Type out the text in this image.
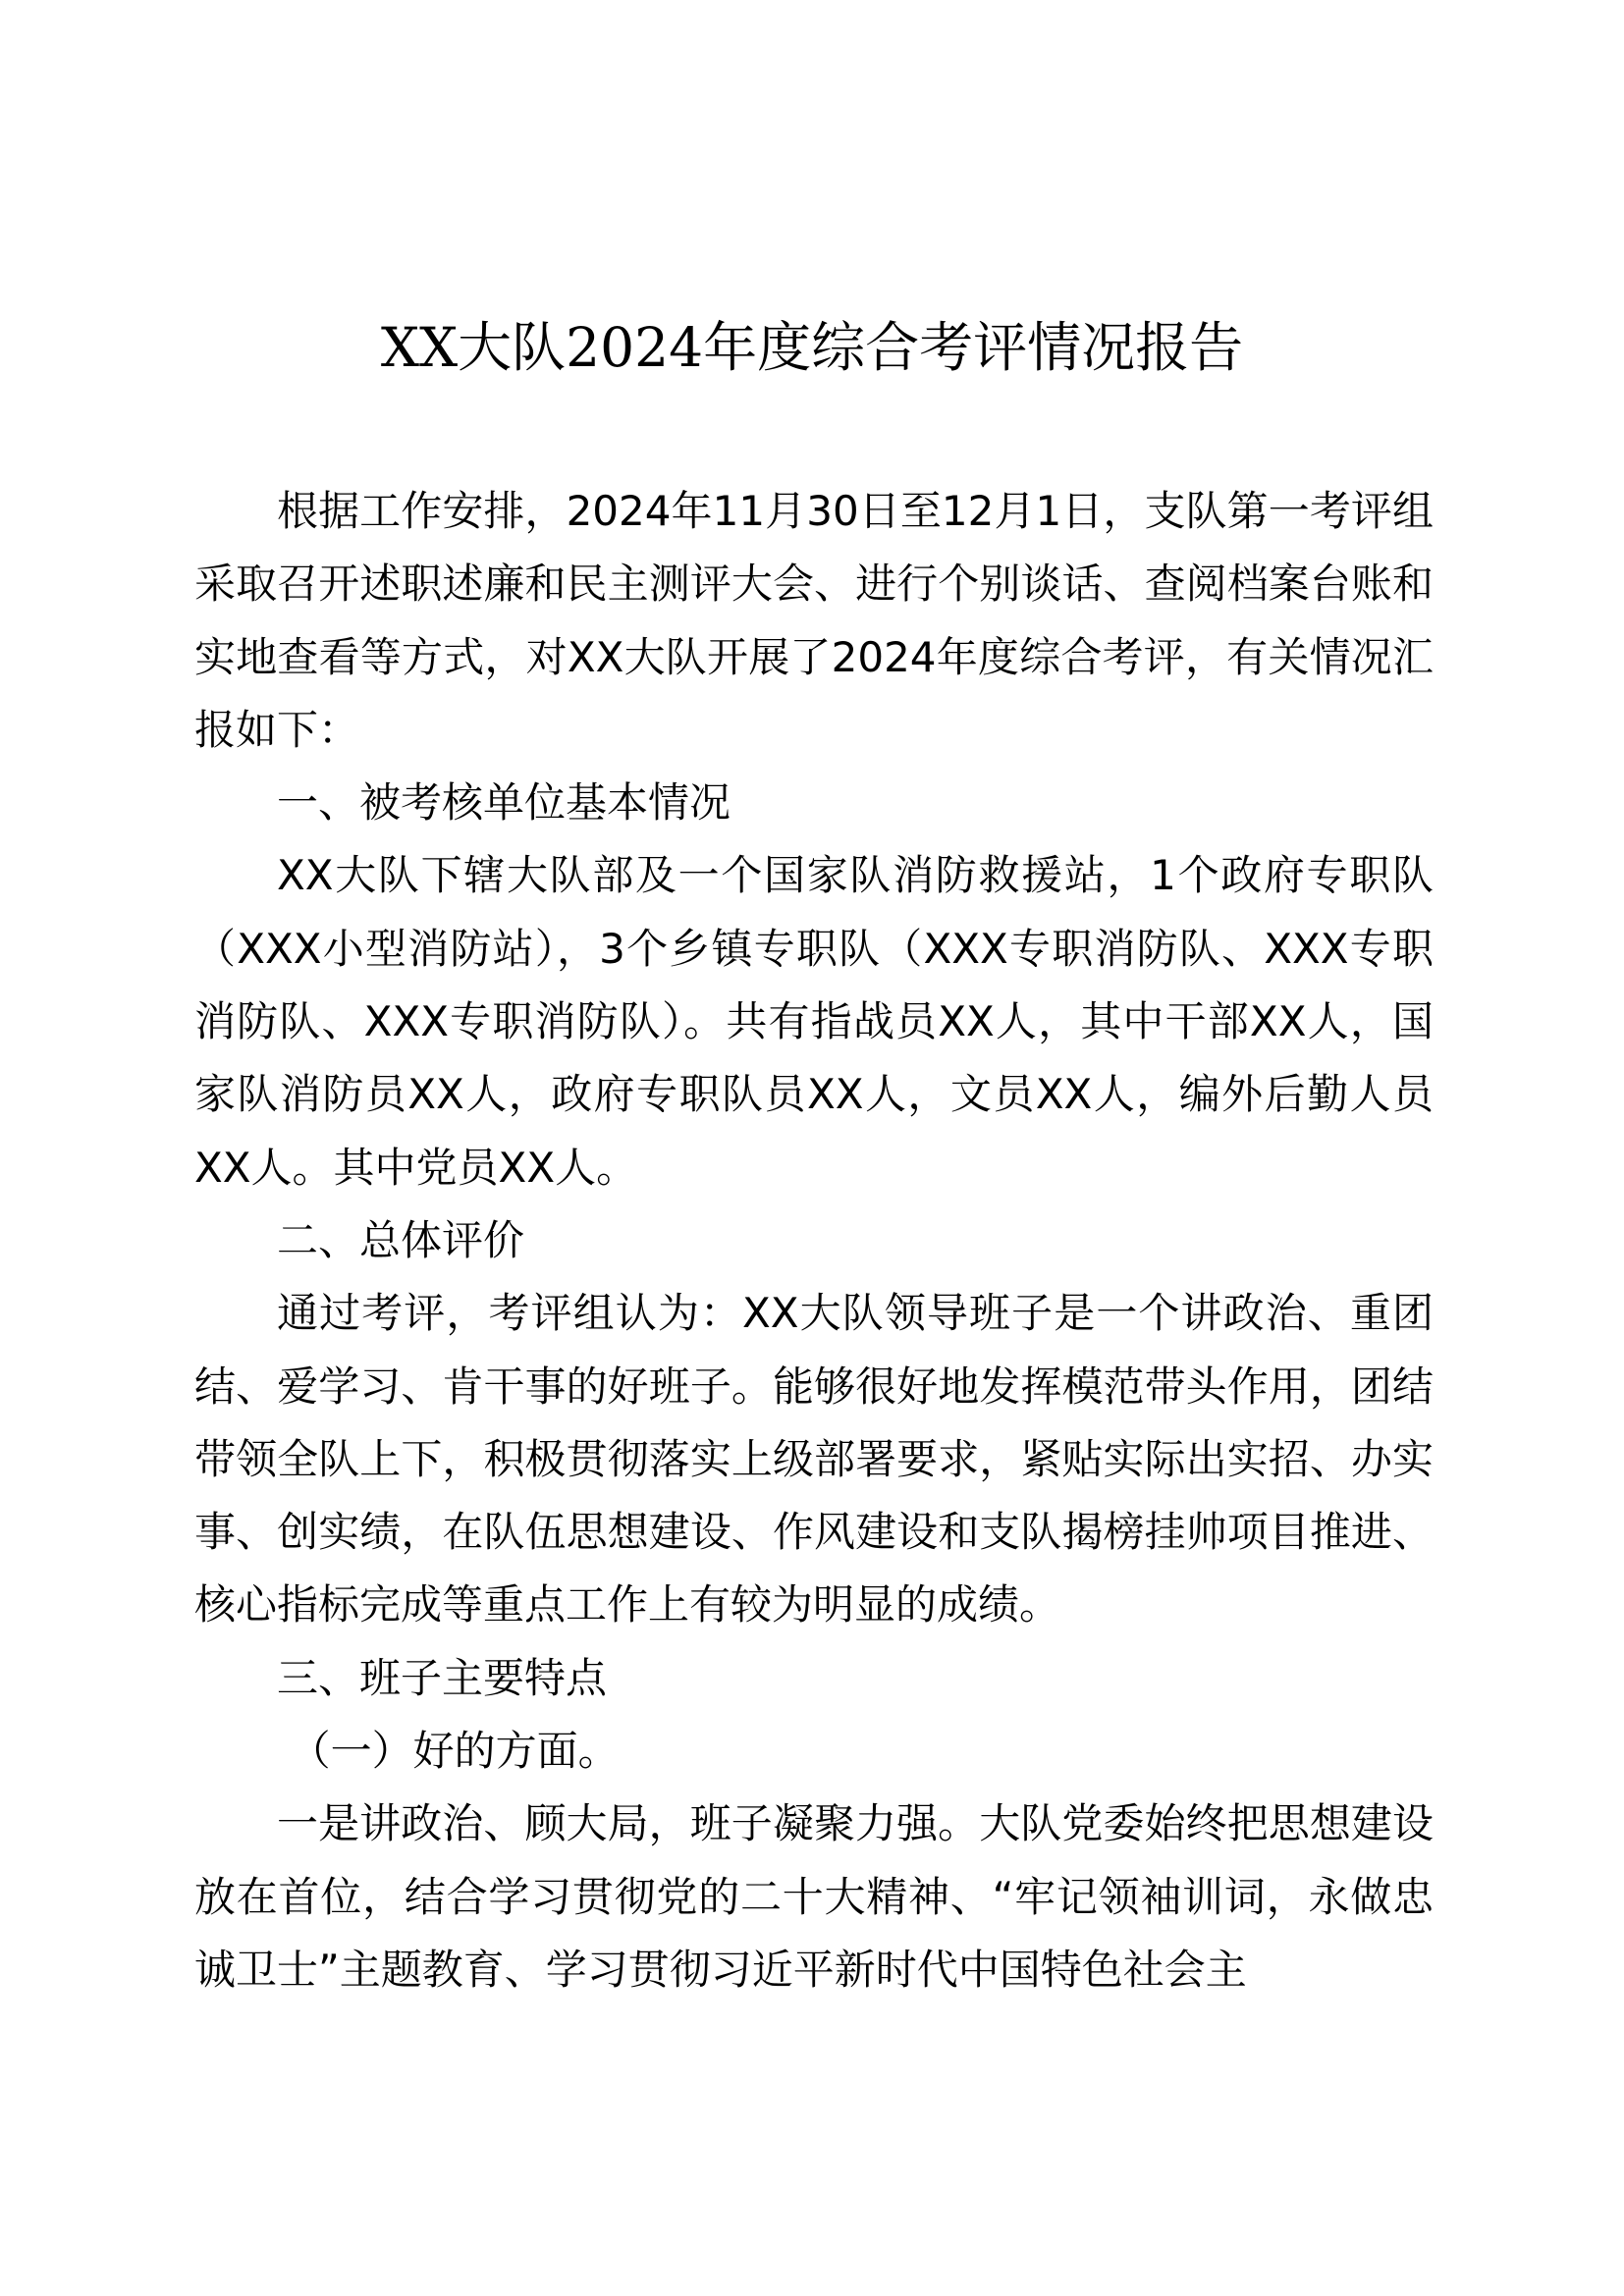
XX大队2024年度综合考评情况报告

根据工作安排，2024年11月30日至12月1日，支队第一考评组采取召开述职述廉和民主测评大会、进行个别谈话、查阅档案台账和实地查看等方式，对XX大队开展了2024年度综合考评，有关情况汇报如下：

一、被考核单位基本情况

XX大队下辖大队部及一个国家队消防救援站，1个政府专职队（XXX小型消防站），3个乡镇专职队（XXX专职消防队、XXX专职消防队、XXX专职消防队）。共有指战员XX人，其中干部XX人，国家队消防员XX人，政府专职队员XX人，文员XX人，编外后勤人员XX人。其中党员XX人。

二、总体评价

通过考评，考评组认为：XX大队领导班子是一个讲政治、重团结、爱学习、肯干事的好班子。能够很好地发挥模范带头作用，团结带领全队上下，积极贯彻落实上级部署要求，紧贴实际出实招、办实事、创实绩，在队伍思想建设、作风建设和支队揭榜挂帅项目推进、核心指标完成等重点工作上有较为明显的成绩。

三、班子主要特点

（一）好的方面。

一是讲政治、顾大局，班子凝聚力强。大队党委始终把思想建设放在首位，结合学习贯彻党的二十大精神、“牢记领袖训词，永做忠诚卫士”主题教育、学习贯彻习近平新时代中国特色社会主
